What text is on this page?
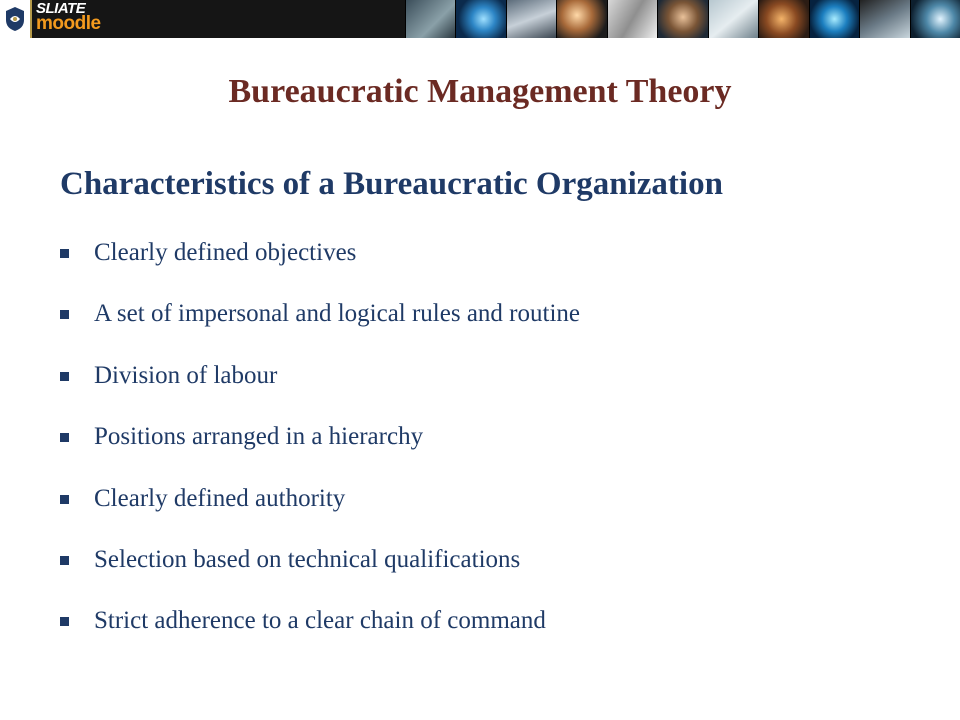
SLIATE
moodle
Bureaucratic Management Theory
Characteristics of a Bureaucratic Organization
Clearly defined objectives
A set of impersonal and logical rules and routine
Division of labour
Positions arranged in a hierarchy
Clearly defined authority
Selection based on technical qualifications
Strict adherence to a clear chain of command
